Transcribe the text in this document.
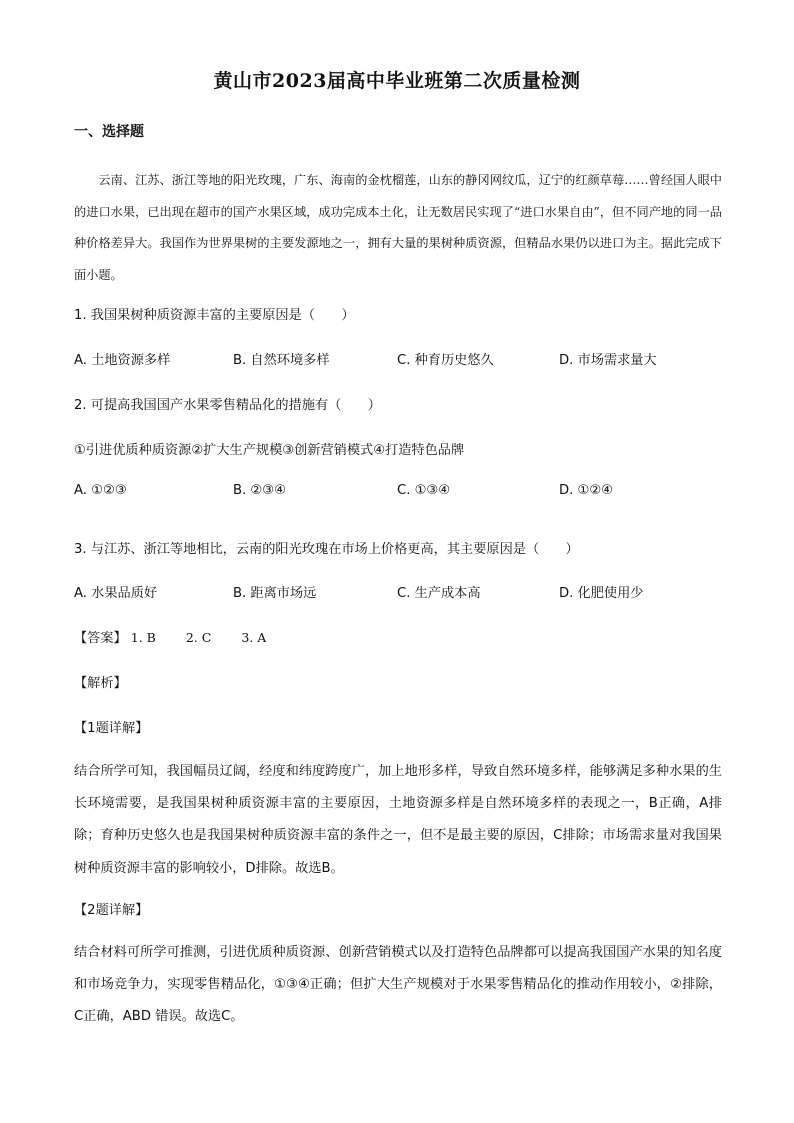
黄山市2023届高中毕业班第二次质量检测
一、选择题

云南、江苏、浙江等地的阳光玫瑰，广东、海南的金枕榴莲，山东的静冈网纹瓜，辽宁的红颜草莓……曾经国人眼中的进口水果，已出现在超市的国产水果区域，成功完成本土化，让无数居民实现了“进口水果自由”，但不同产地的同一品种价格差异大。我国作为世界果树的主要发源地之一，拥有大量的果树种质资源，但精品水果仍以进口为主。据此完成下面小题。

1. 我国果树种质资源丰富的主要原因是（　　）
A. 土地资源多样	B. 自然环境多样	C. 种育历史悠久	D. 市场需求量大
2. 可提高我国国产水果零售精品化的措施有（　　）
①引进优质种质资源②扩大生产规模③创新营销模式④打造特色品牌
A. ①②③	B. ②③④	C. ①③④	D. ①②④
3. 与江苏、浙江等地相比，云南的阳光玫瑰在市场上价格更高，其主要原因是（　　）
A. 水果品质好	B. 距离市场远	C. 生产成本高	D. 化肥使用少
【答案】 1. B 2. C 3. A
【解析】
【1题详解】

结合所学可知，我国幅员辽阔，经度和纬度跨度广，加上地形多样，导致自然环境多样，能够满足多种水果的生长环境需要，是我国果树种质资源丰富的主要原因，土地资源多样是自然环境多样的表现之一，B正确，A排除；育种历史悠久也是我国果树种质资源丰富的条件之一，但不是最主要的原因，C排除；市场需求量对我国果树种质资源丰富的影响较小，D排除。故选B。

【2题详解】

结合材料可所学可推测，引进优质种质资源、创新营销模式以及打造特色品牌都可以提高我国国产水果的知名度和市场竞争力，实现零售精品化，①③④正确；但扩大生产规模对于水果零售精品化的推动作用较小，②排除，C正确，ABD 错误。故选C。
